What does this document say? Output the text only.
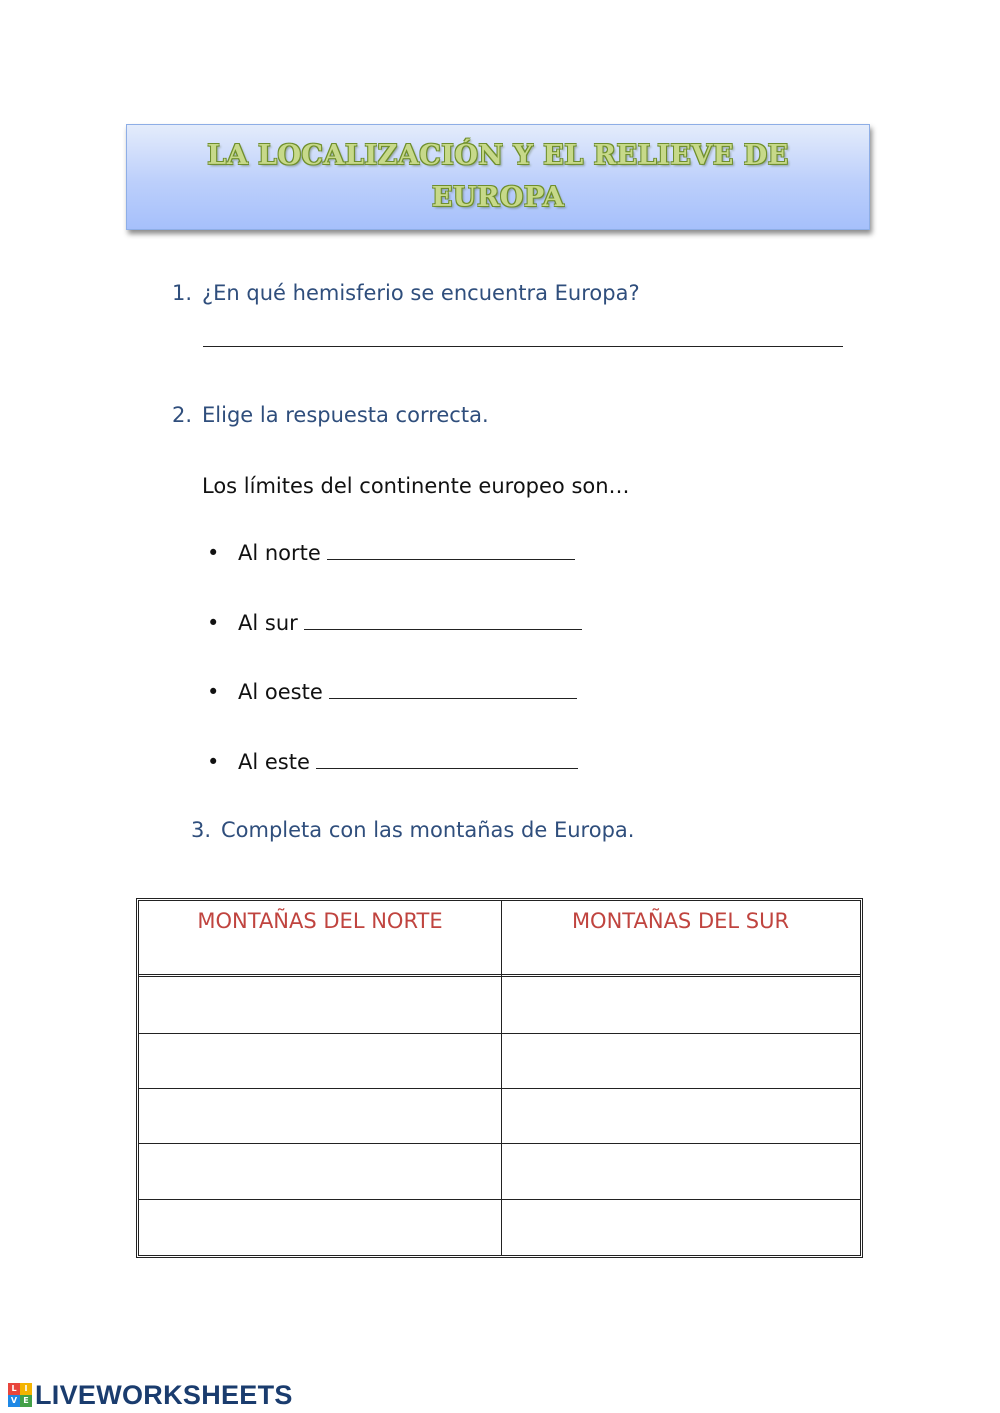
LA LOCALIZACIÓN Y EL RELIEVE DE EUROPA
1. ¿En qué hemisferio se encuentra Europa?
2. Elige la respuesta correcta.
Los límites del continente europeo son…
• Al norte
• Al sur
• Al oeste
• Al este
3. Completa con las montañas de Europa.
MONTAÑAS DEL NORTE	MONTAÑAS DEL SUR
L I
V E LIVEWORKSHEETS
